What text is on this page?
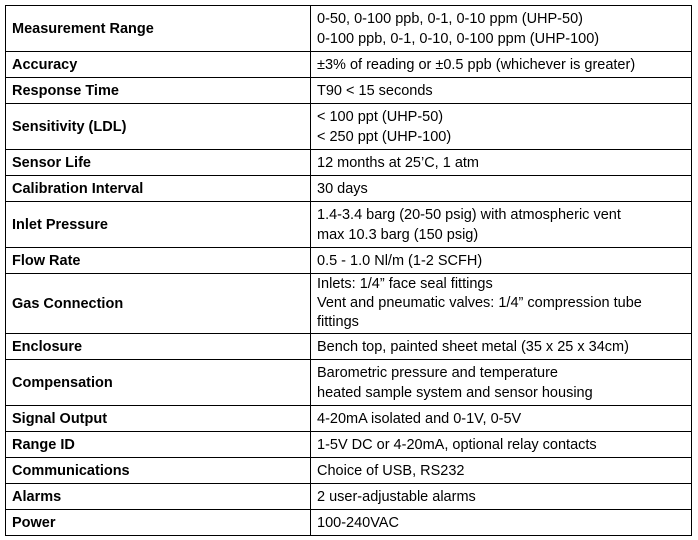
Measurement Range	0-50, 0-100 ppb, 0-1, 0-10 ppm (UHP-50)
0-100 ppb, 0-1, 0-10, 0-100 ppm (UHP-100)

Accuracy	±3% of reading or ±0.5 ppb (whichever is greater)

Response Time	T90 < 15 seconds

Sensitivity (LDL)	< 100 ppt (UHP-50)
< 250 ppt (UHP-100)

Sensor Life	12 months at 25’C, 1 atm

Calibration Interval	30 days

Inlet Pressure	1.4-3.4 barg (20-50 psig) with atmospheric vent
max 10.3 barg (150 psig)

Flow Rate	0.5 - 1.0 Nl/m (1-2 SCFH)

Gas Connection	Inlets: 1/4” face seal fittings
Vent and pneumatic valves: 1/4” compression tube
fittings

Enclosure	Bench top, painted sheet metal (35 x 25 x 34cm)

Compensation	Barometric pressure and temperature
heated sample system and sensor housing

Signal Output	4-20mA isolated and 0-1V, 0-5V

Range ID	1-5V DC or 4-20mA, optional relay contacts

Communications	Choice of USB, RS232

Alarms	2 user-adjustable alarms

Power	100-240VAC
